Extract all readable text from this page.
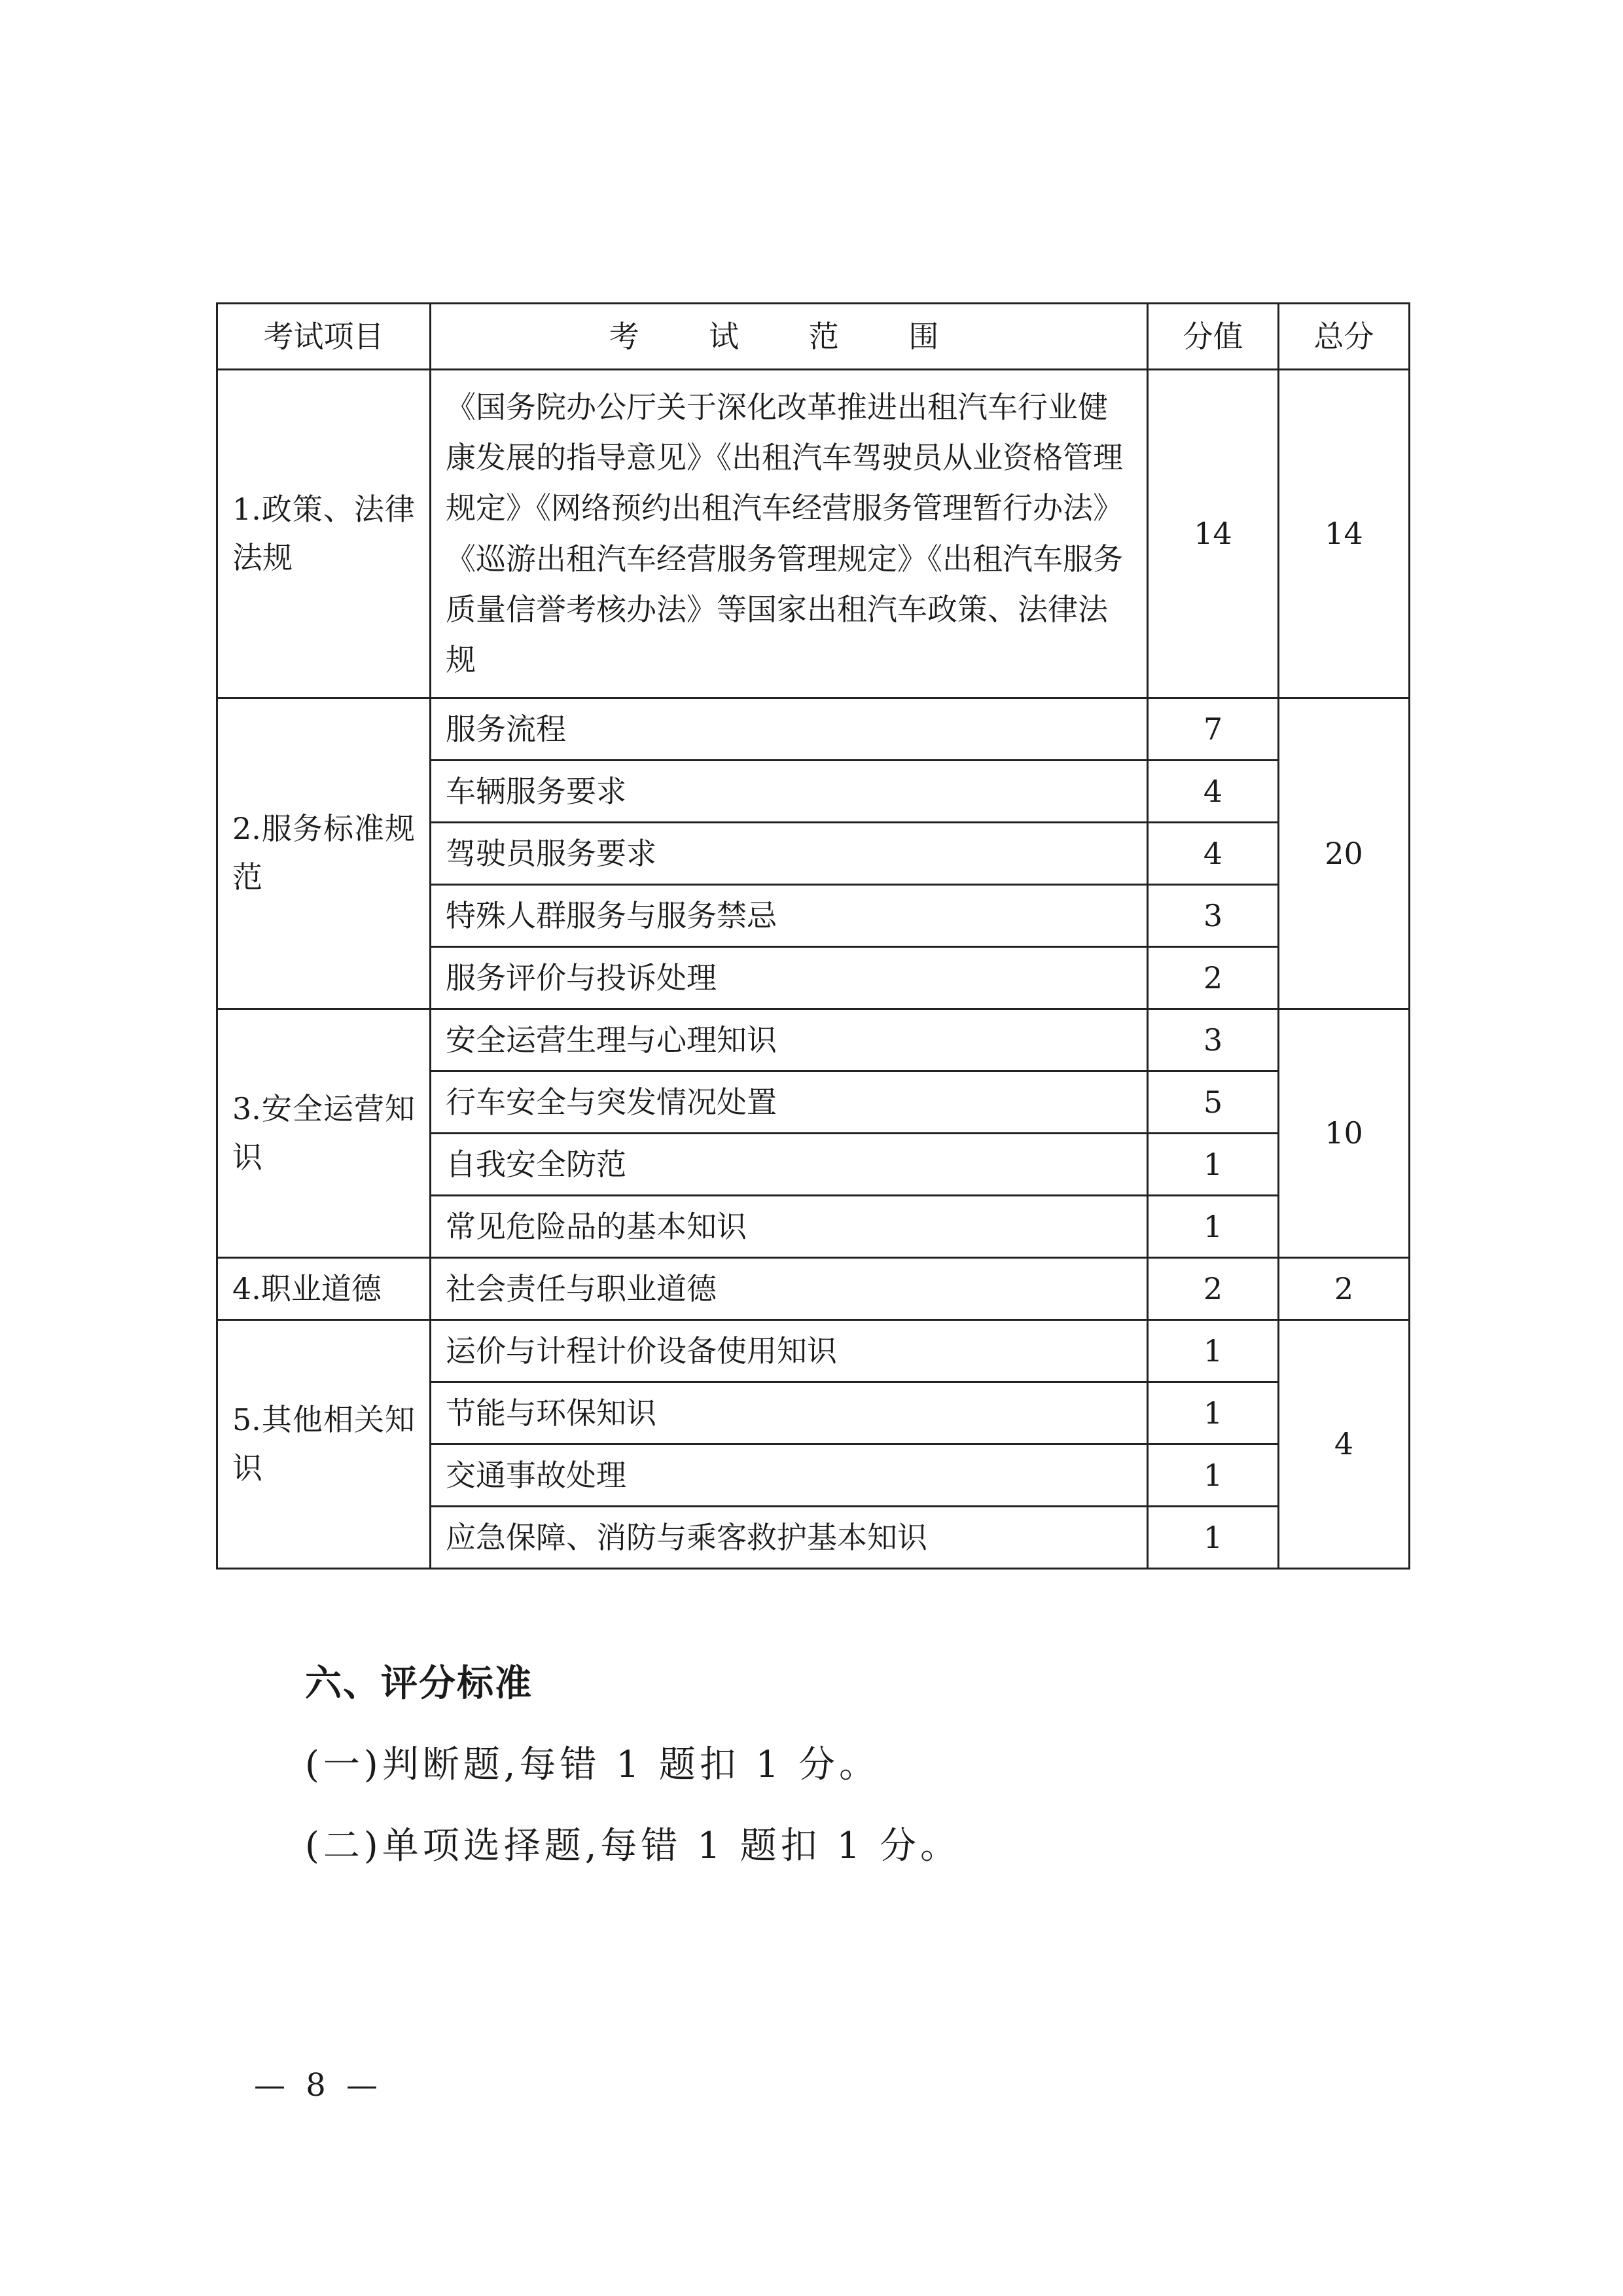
考试项目	考 试 范 围	分值	总分
1.政策、法律法规	《国务院办公厅关于深化改革推进出租汽车行业健康发展的指导意见》《出租汽车驾驶员从业资格管理规定》《网络预约出租汽车经营服务管理暂行办法》《巡游出租汽车经营服务管理规定》《出租汽车服务质量信誉考核办法》等国家出租汽车政策、法律法规	14	14
2.服务标准规范	服务流程	7	20
	车辆服务要求	4	
	驾驶员服务要求	4	
	特殊人群服务与服务禁忌	3	
	服务评价与投诉处理	2	
3.安全运营知识	安全运营生理与心理知识	3	10
	行车安全与突发情况处置	5	
	自我安全防范	1	
	常见危险品的基本知识	1	
4.职业道德	社会责任与职业道德	2	2
5.其他相关知识	运价与计程计价设备使用知识	1	4
	节能与环保知识	1	
	交通事故处理	1	
	应急保障、消防与乘客救护基本知识	1	
六、评分标准

(一)判断题,每错 1 题扣 1 分。

(二)单项选择题,每错 1 题扣 1 分。

— 8 —
